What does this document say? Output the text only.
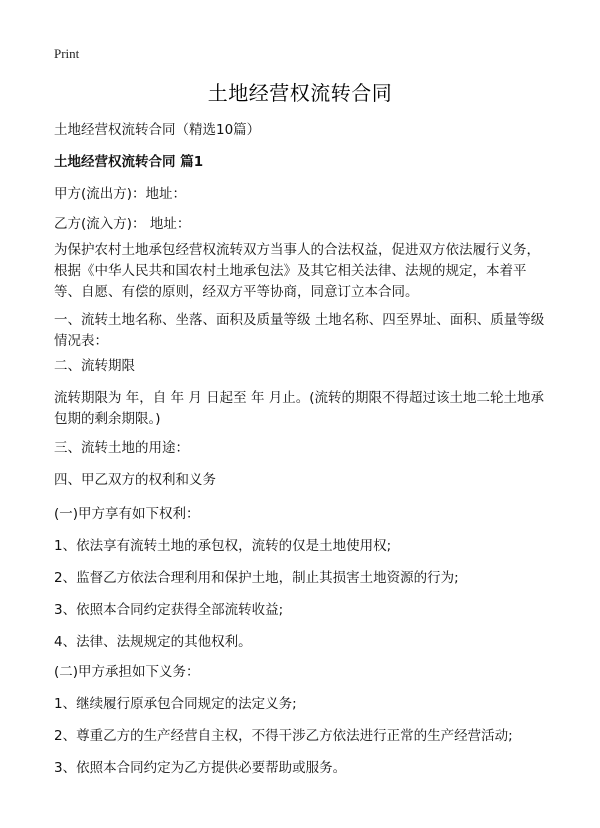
Print
土地经营权流转合同
土地经营权流转合同（精选10篇）
土地经营权流转合同 篇1
甲方(流出方)：地址：
乙方(流入方)： 地址：
为保护农村土地承包经营权流转双方当事人的合法权益，促进双方依法履行义务，根据《中华人民共和国农村土地承包法》及其它相关法律、法规的规定，本着平等、自愿、有偿的原则，经双方平等协商，同意订立本合同。
一、流转土地名称、坐落、面积及质量等级 土地名称、四至界址、面积、质量等级情况表：
二、流转期限
流转期限为 年，自 年 月 日起至 年 月止。(流转的期限不得超过该土地二轮土地承包期的剩余期限。)
三、流转土地的用途：
四、甲乙双方的权利和义务
(一)甲方享有如下权利：
1、依法享有流转土地的承包权，流转的仅是土地使用权;
2、监督乙方依法合理利用和保护土地，制止其损害土地资源的行为;
3、依照本合同约定获得全部流转收益;
4、法律、法规规定的其他权利。
(二)甲方承担如下义务：
1、继续履行原承包合同规定的法定义务;
2、尊重乙方的生产经营自主权，不得干涉乙方依法进行正常的生产经营活动;
3、依照本合同约定为乙方提供必要帮助或服务。
